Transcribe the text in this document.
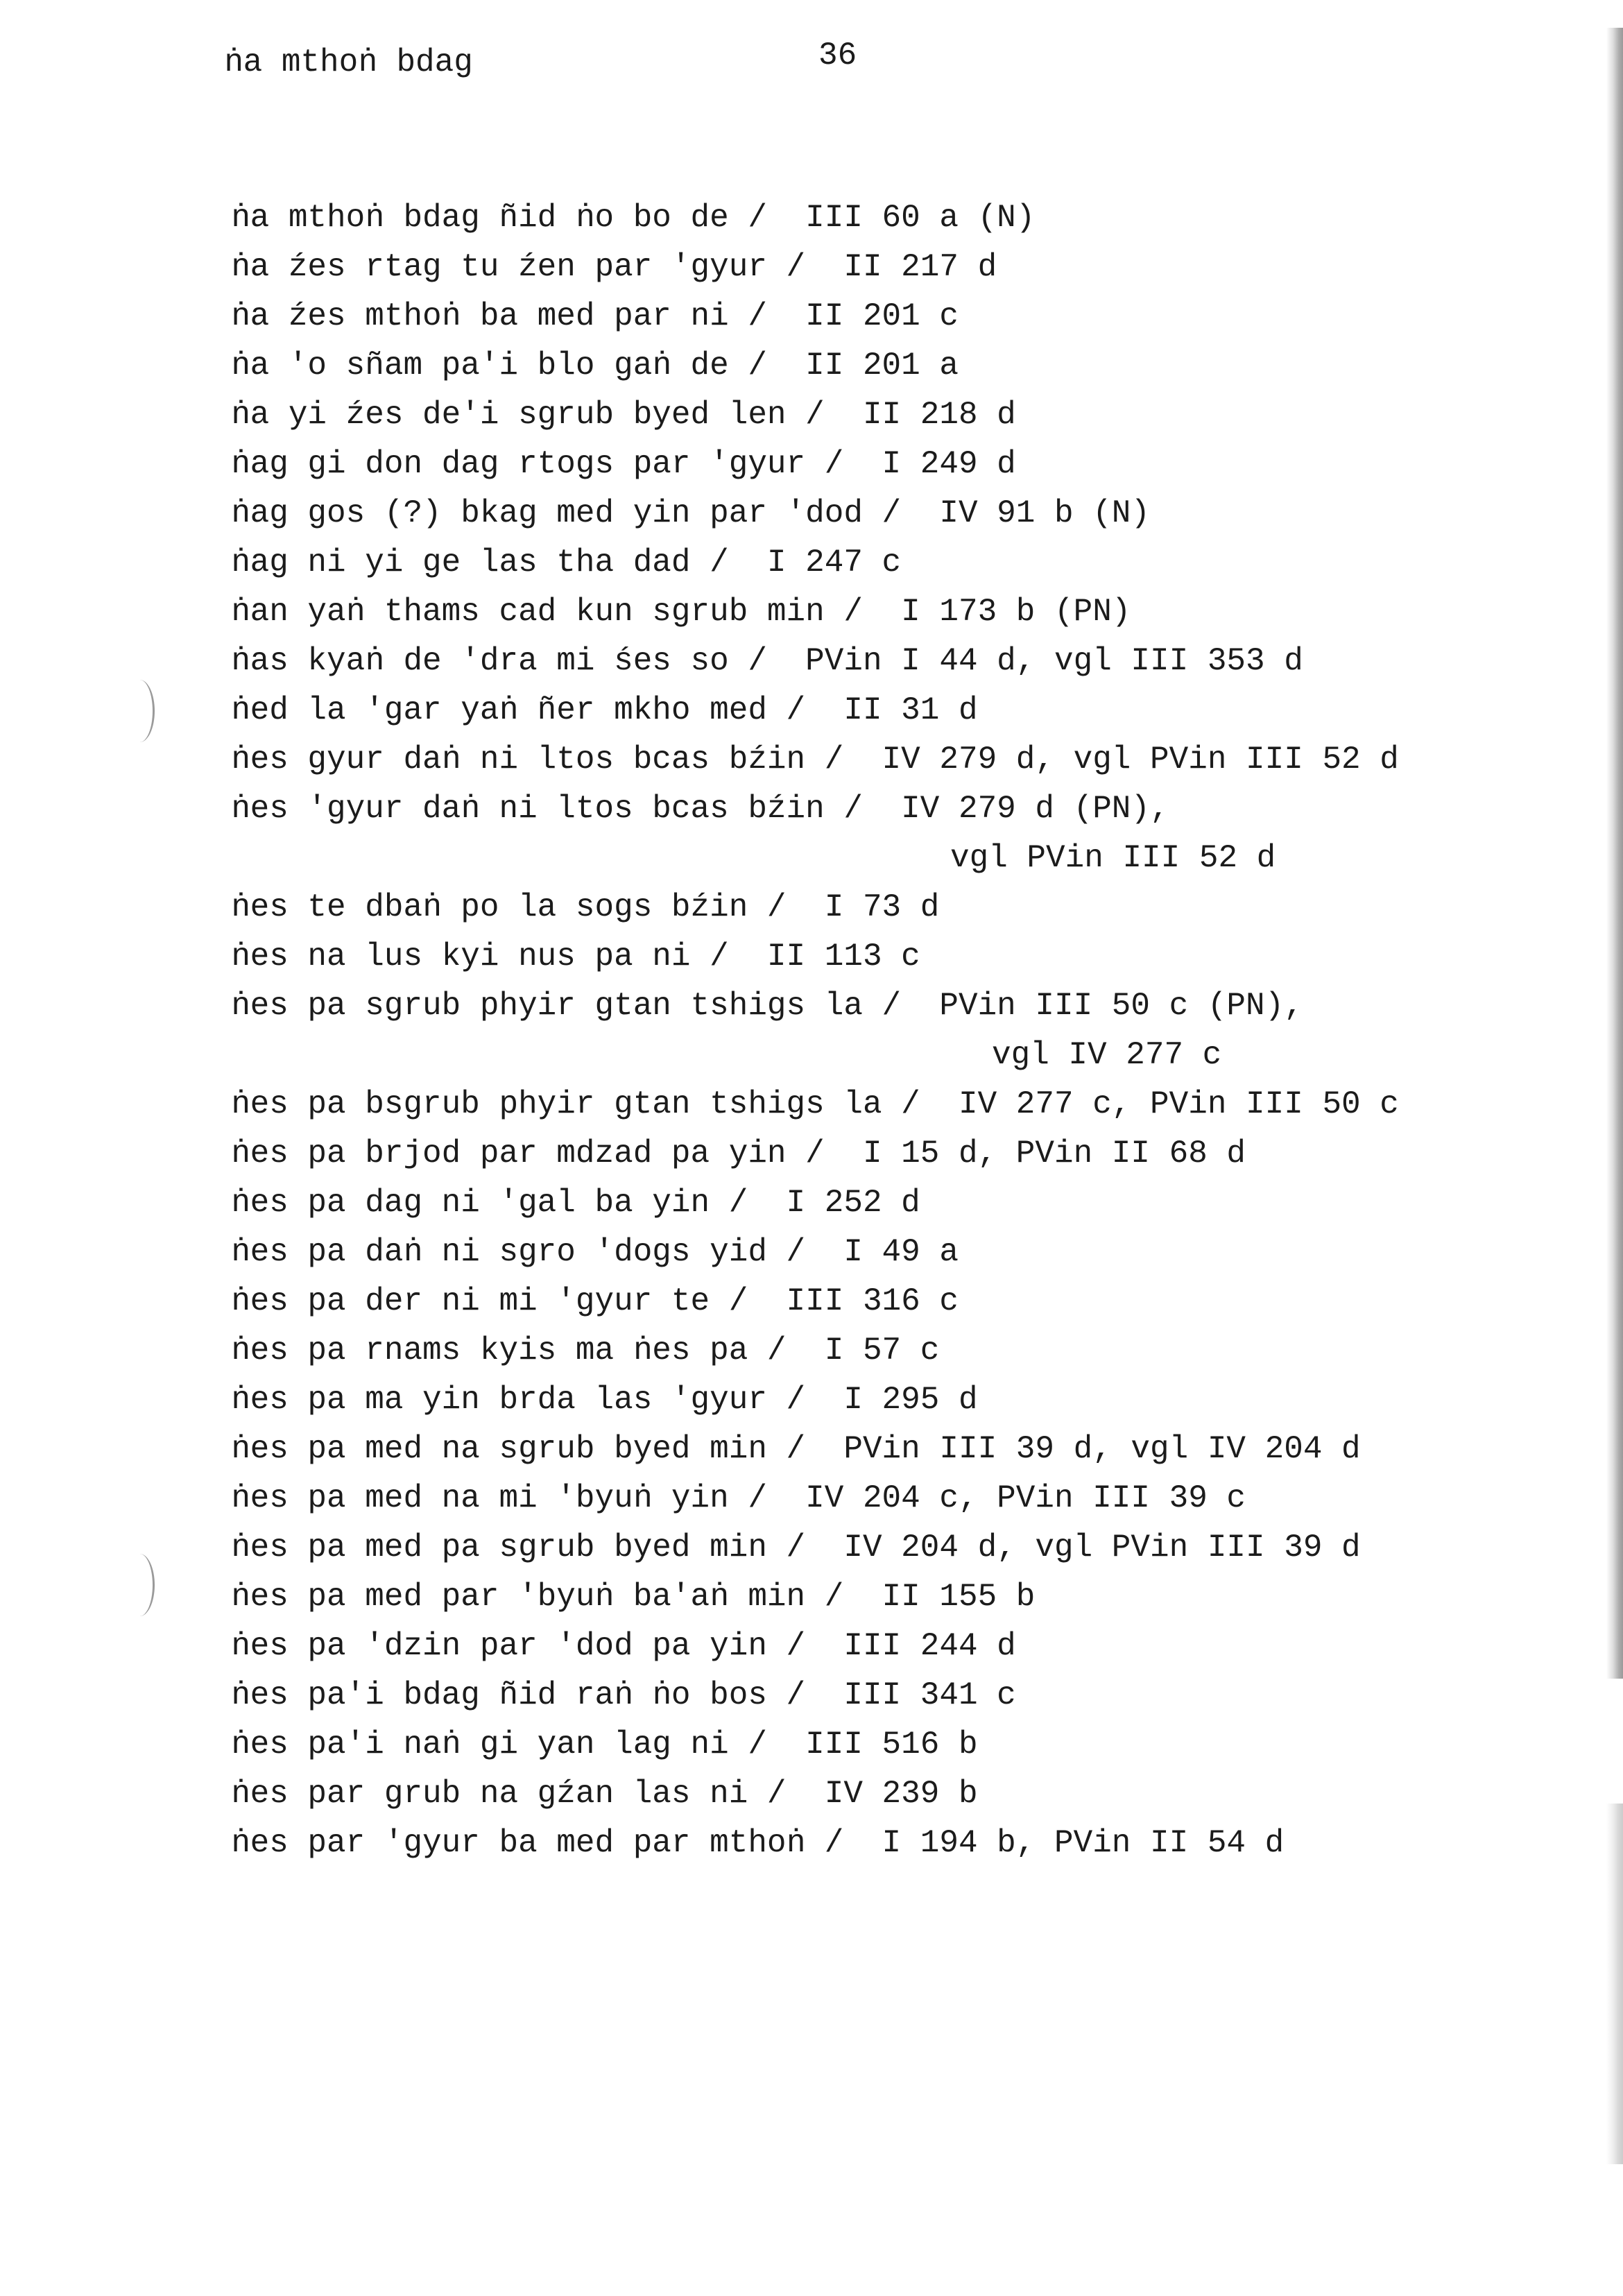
ṅa mthoṅ bdag	36
ṅa mthoṅ bdag ñid ṅo bo de /  III 60 a (N)
ṅa źes rtag tu źen par 'gyur /  II 217 d
ṅa źes mthoṅ ba med par ni /  II 201 c
ṅa 'o sñam pa'i blo gaṅ de /  II 201 a
ṅa yi źes de'i sgrub byed len /  II 218 d
ṅag gi don dag rtogs par 'gyur /  I 249 d
ṅag gos (?) bkag med yin par 'dod /  IV 91 b (N)
ṅag ni yi ge las tha dad /  I 247 c
ṅan yaṅ thams cad kun sgrub min /  I 173 b (PN)
ṅas kyaṅ de 'dra mi śes so /  PVin I 44 d, vgl III 353 d
ṅed la 'gar yaṅ ñer mkho med /  II 31 d
ṅes gyur daṅ ni ltos bcas bźin /  IV 279 d, vgl PVin III 52 d
ṅes 'gyur daṅ ni ltos bcas bźin /  IV 279 d (PN),
vgl PVin III 52 d
ṅes te dbaṅ po la sogs bźin /  I 73 d
ṅes na lus kyi nus pa ni /  II 113 c
ṅes pa sgrub phyir gtan tshigs la /  PVin III 50 c (PN),
vgl IV 277 c
ṅes pa bsgrub phyir gtan tshigs la /  IV 277 c, PVin III 50 c
ṅes pa brjod par mdzad pa yin /  I 15 d, PVin II 68 d
ṅes pa dag ni 'gal ba yin /  I 252 d
ṅes pa daṅ ni sgro 'dogs yid /  I 49 a
ṅes pa der ni mi 'gyur te /  III 316 c
ṅes pa rnams kyis ma ṅes pa /  I 57 c
ṅes pa ma yin brda las 'gyur /  I 295 d
ṅes pa med na sgrub byed min /  PVin III 39 d, vgl IV 204 d
ṅes pa med na mi 'byuṅ yin /  IV 204 c, PVin III 39 c
ṅes pa med pa sgrub byed min /  IV 204 d, vgl PVin III 39 d
ṅes pa med par 'byuṅ ba'aṅ min /  II 155 b
ṅes pa 'dzin par 'dod pa yin /  III 244 d
ṅes pa'i bdag ñid raṅ ṅo bos /  III 341 c
ṅes pa'i naṅ gi yan lag ni /  III 516 b
ṅes par grub na gźan las ni /  IV 239 b
ṅes par 'gyur ba med par mthoṅ /  I 194 b, PVin II 54 d
